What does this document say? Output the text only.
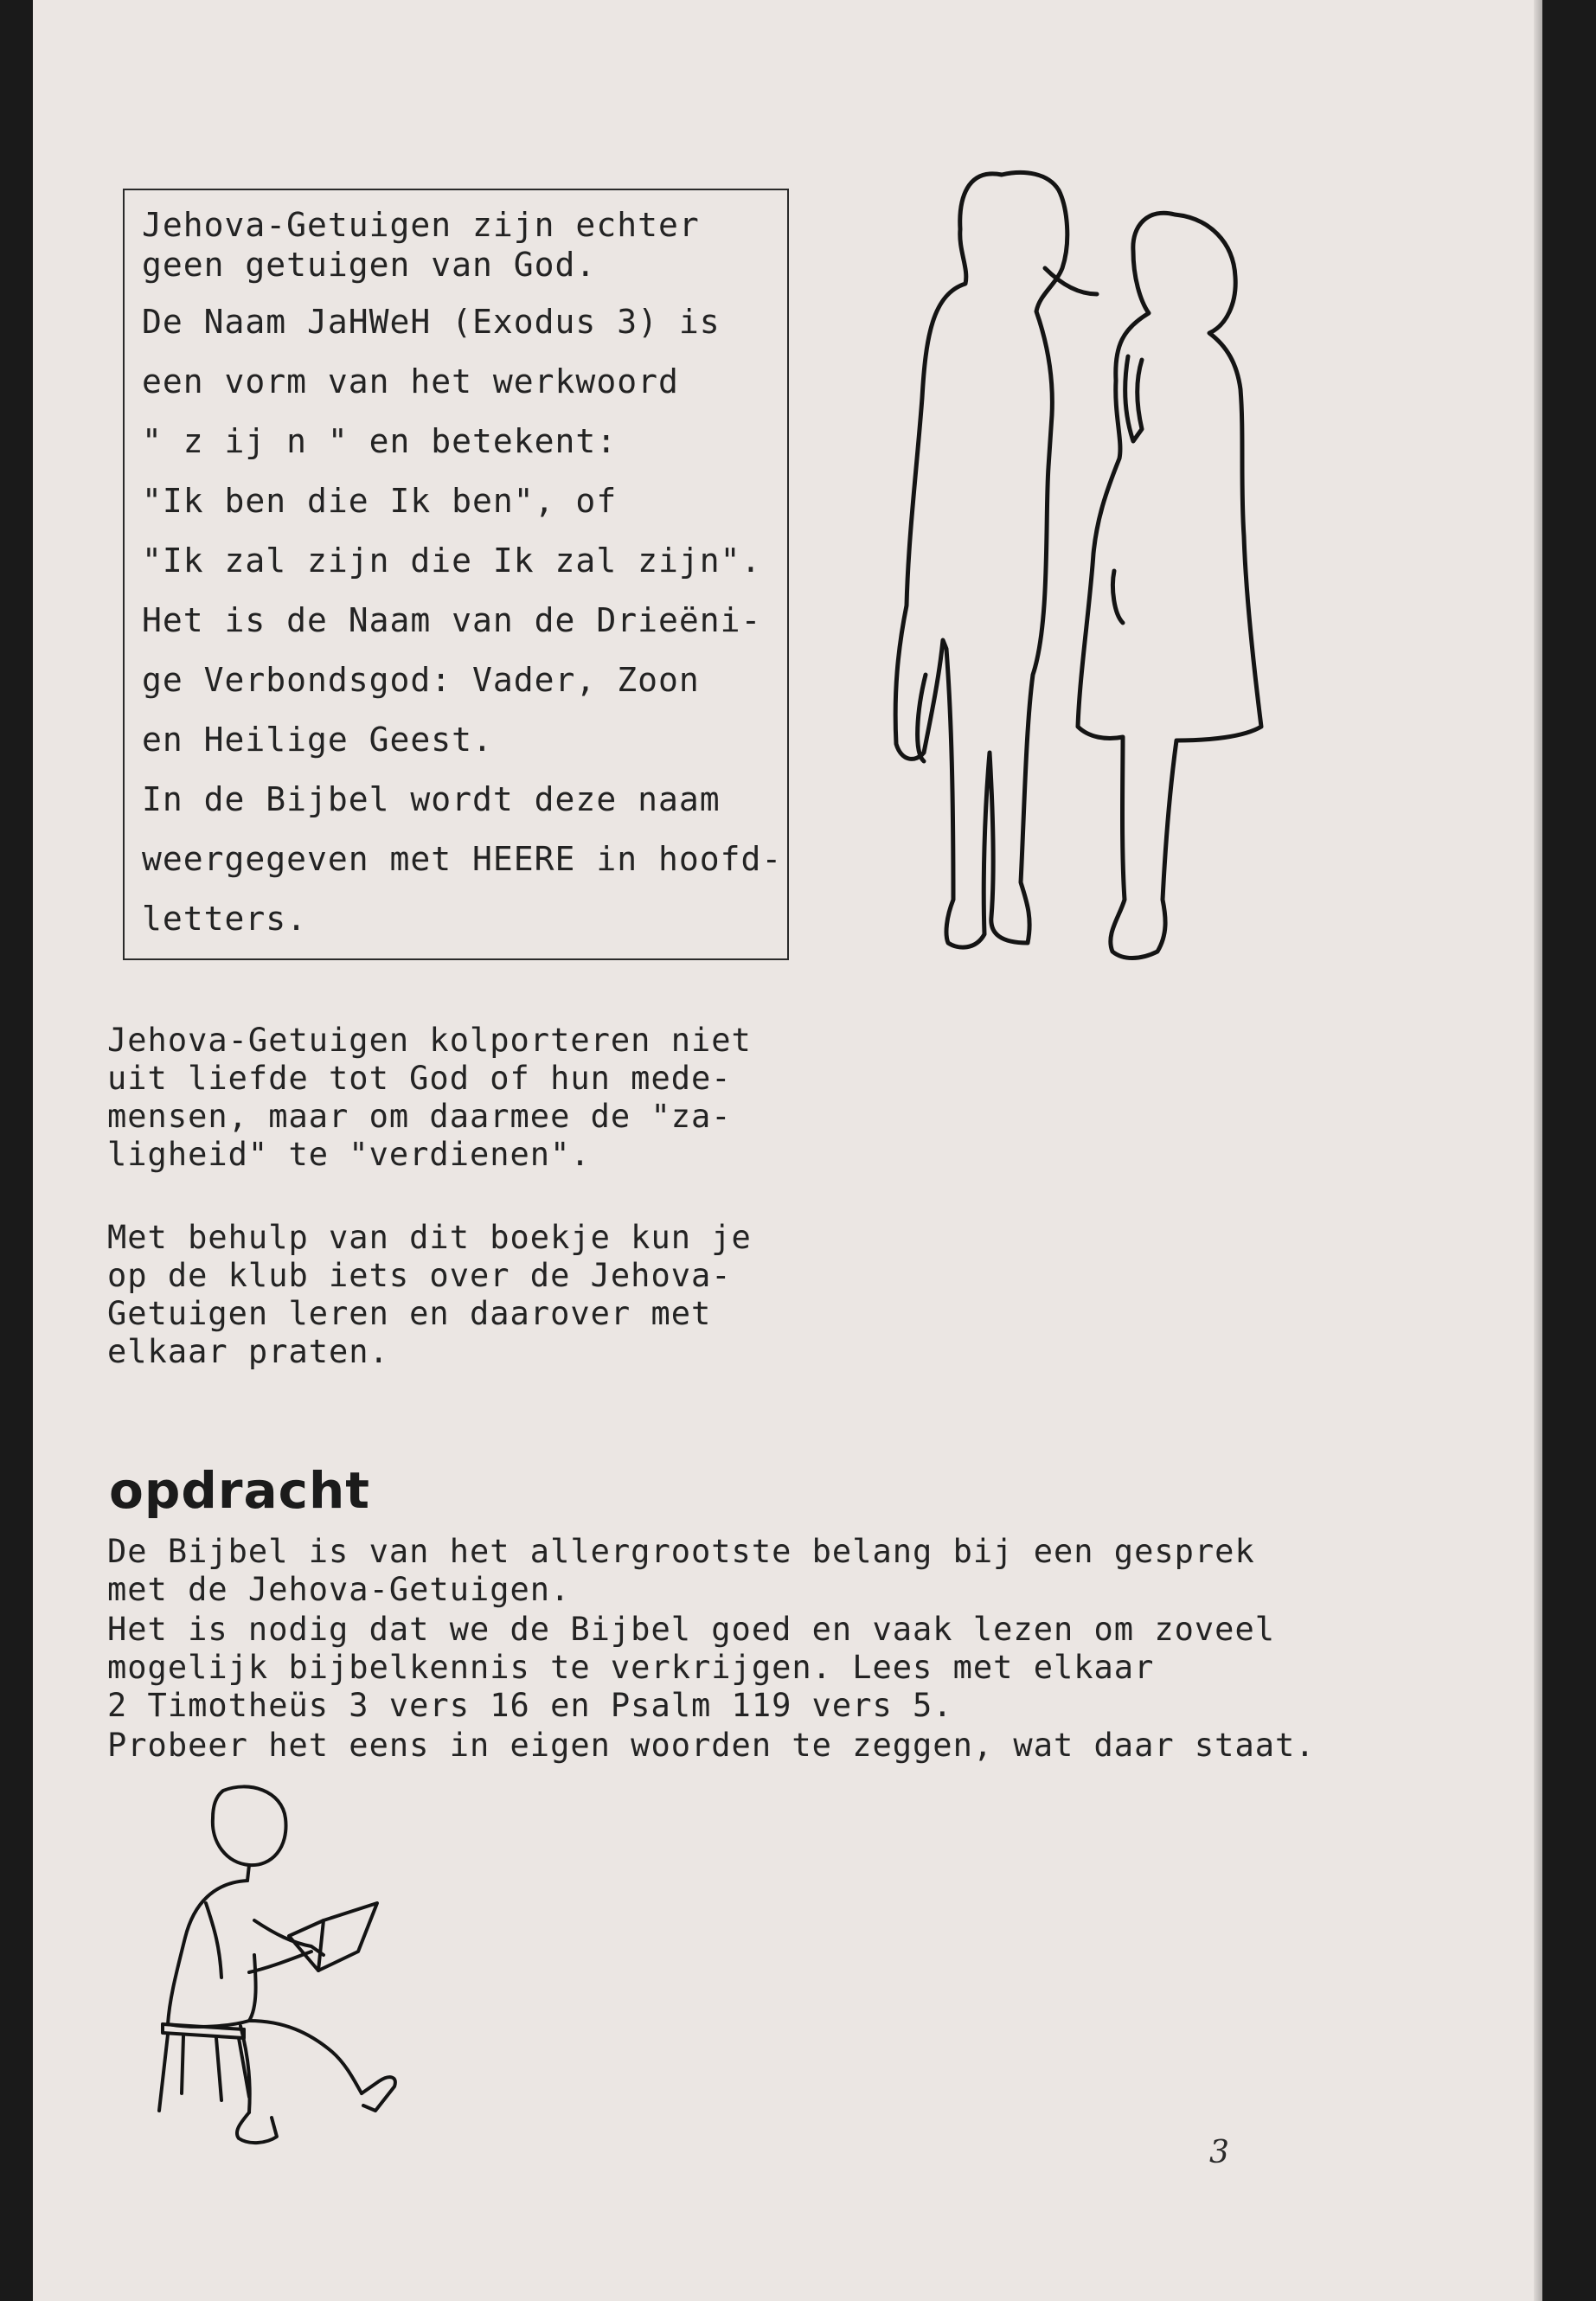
Jehova-Getuigen zijn echter
geen getuigen van God.
De Naam JaHWeH (Exodus 3) is
een vorm van het werkwoord
" z ij n " en betekent:
"Ik ben die Ik ben", of
"Ik zal zijn die Ik zal zijn".
Het is de Naam van de Drieëni-
ge Verbondsgod: Vader, Zoon
en Heilige Geest.
In de Bijbel wordt deze naam
weergegeven met HEERE in hoofd-
letters.
Jehova-Getuigen kolporteren niet
uit liefde tot God of hun mede-
mensen, maar om daarmee de "za-
ligheid" te "verdienen".
Met behulp van dit boekje kun je
op de klub iets over de Jehova-
Getuigen leren en daarover met
elkaar praten.
opdracht
De Bijbel is van het allergrootste belang bij een gesprek
met de Jehova-Getuigen.
Het is nodig dat we de Bijbel goed en vaak lezen om zoveel
mogelijk bijbelkennis te verkrijgen. Lees met elkaar
2 Timotheüs 3 vers 16 en Psalm 119 vers 5.
Probeer het eens in eigen woorden te zeggen, wat daar staat.
3
